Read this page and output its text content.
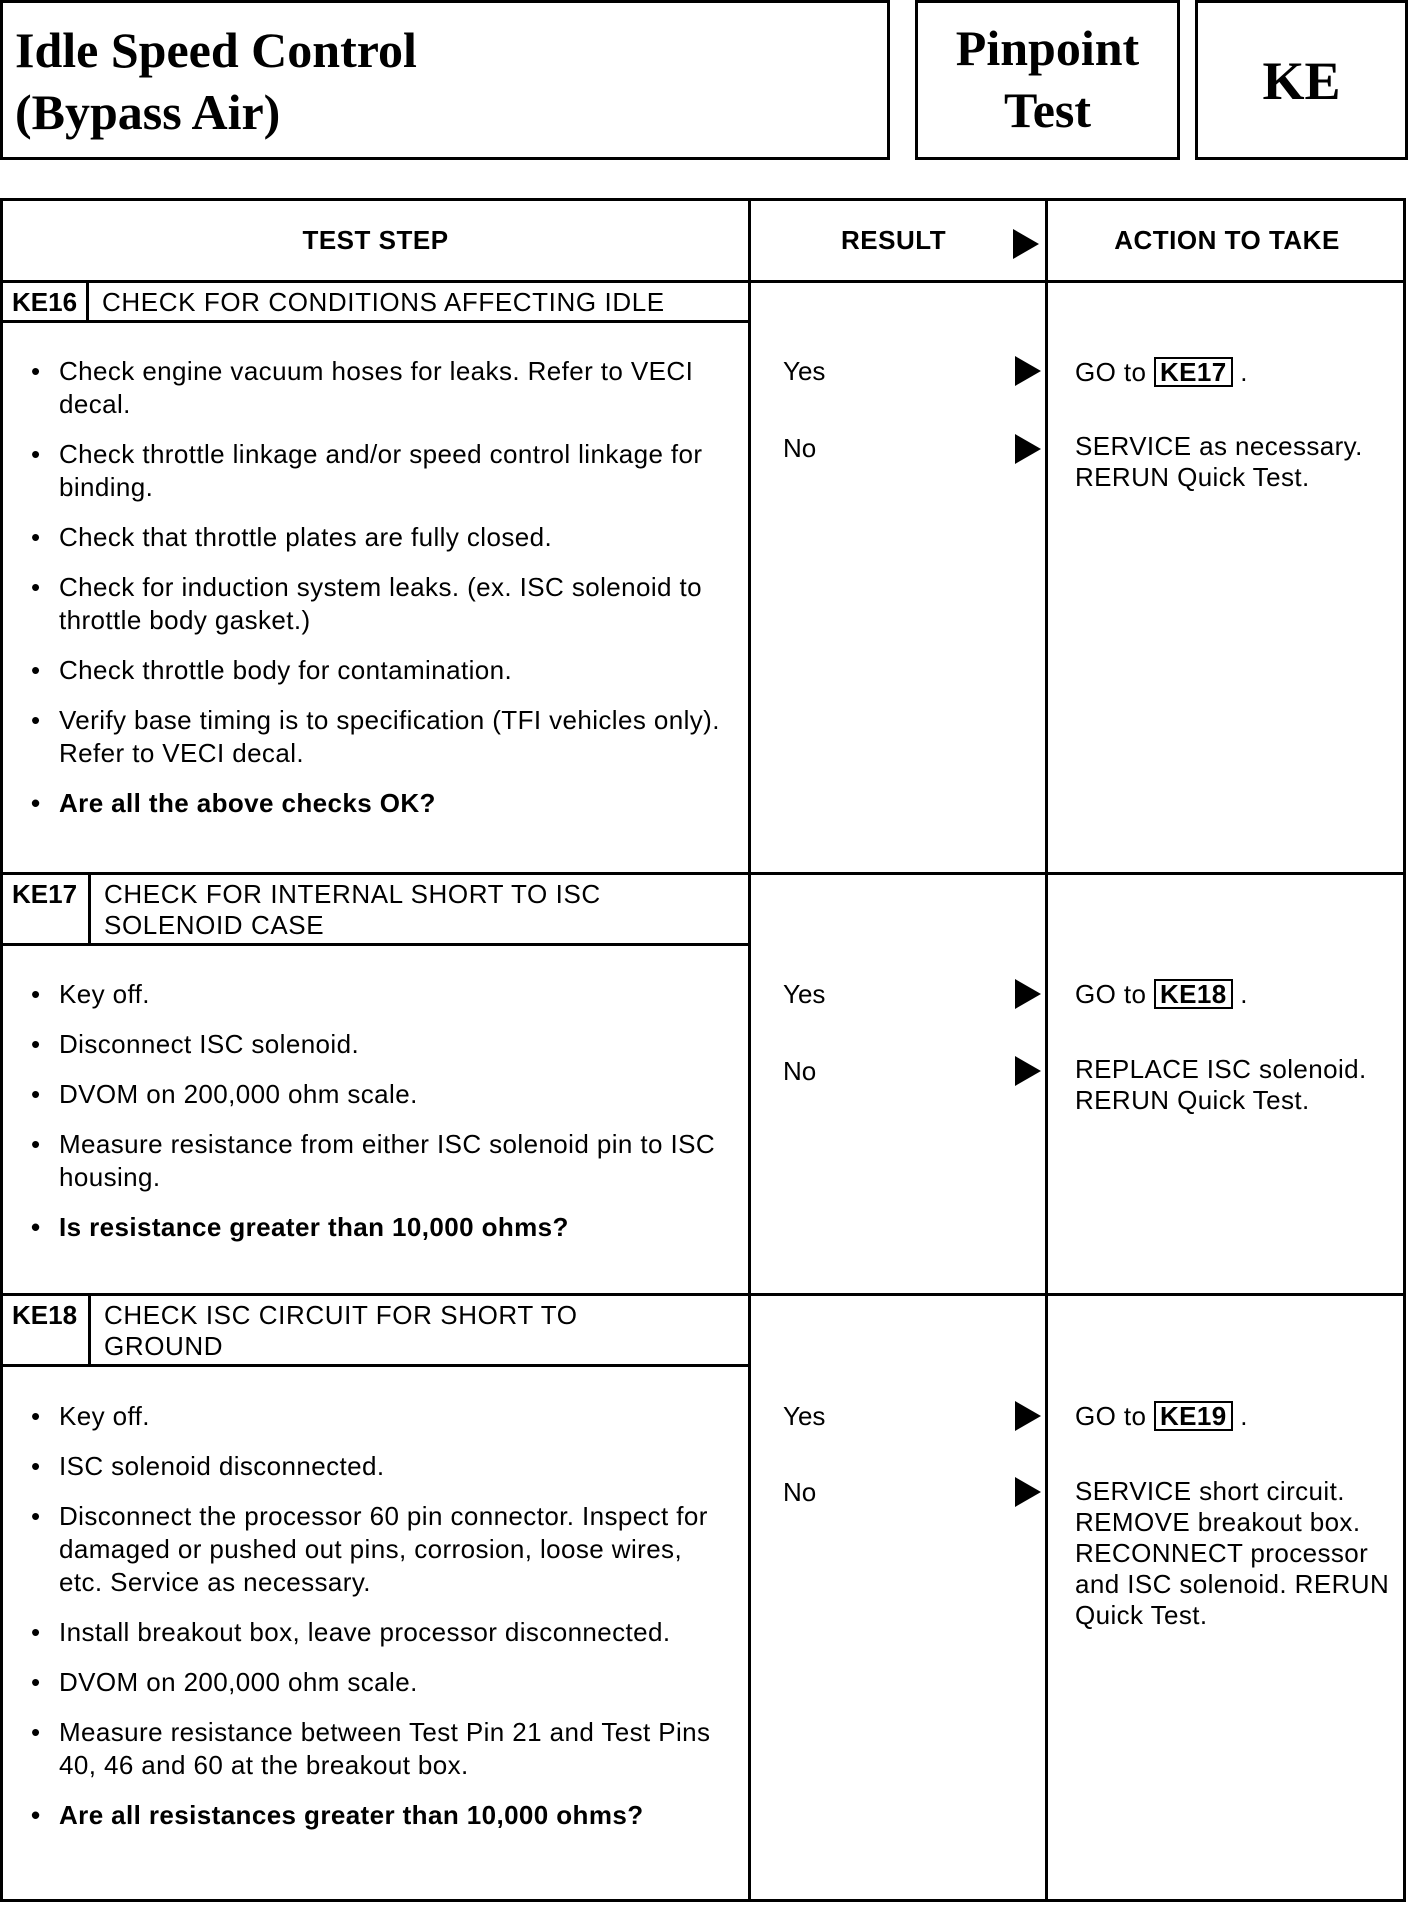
Idle Speed Control
(Bypass Air)
Pinpoint
Test	KE
TEST STEP	RESULT	ACTION TO TAKE
KE16 CHECK FOR CONDITIONS AFFECTING IDLE
• Check engine vacuum hoses for leaks. Refer to VECI decal.
• Check throttle linkage and/or speed control linkage for binding.
• Check that throttle plates are fully closed.
• Check for induction system leaks. (ex. ISC solenoid to throttle body gasket.)
• Check throttle body for contamination.
• Verify base timing is to specification (TFI vehicles only). Refer to VECI decal.
• Are all the above checks OK?
Yes	GO to KE17 .
No	SERVICE as necessary. RERUN Quick Test.
KE17	CHECK FOR INTERNAL SHORT TO ISC SOLENOID CASE
• Key off.
• Disconnect ISC solenoid.
• DVOM on 200,000 ohm scale.
• Measure resistance from either ISC solenoid pin to ISC housing.
• Is resistance greater than 10,000 ohms?
Yes	GO to KE18 .
No	REPLACE ISC solenoid. RERUN Quick Test.
KE18	CHECK ISC CIRCUIT FOR SHORT TO GROUND
• Key off.
• ISC solenoid disconnected.
• Disconnect the processor 60 pin connector. Inspect for damaged or pushed out pins, corrosion, loose wires, etc. Service as necessary.
• Install breakout box, leave processor disconnected.
• DVOM on 200,000 ohm scale.
• Measure resistance between Test Pin 21 and Test Pins 40, 46 and 60 at the breakout box.
• Are all resistances greater than 10,000 ohms?
Yes	GO to KE19 .
No	SERVICE short circuit. REMOVE breakout box. RECONNECT processor and ISC solenoid. RERUN Quick Test.
